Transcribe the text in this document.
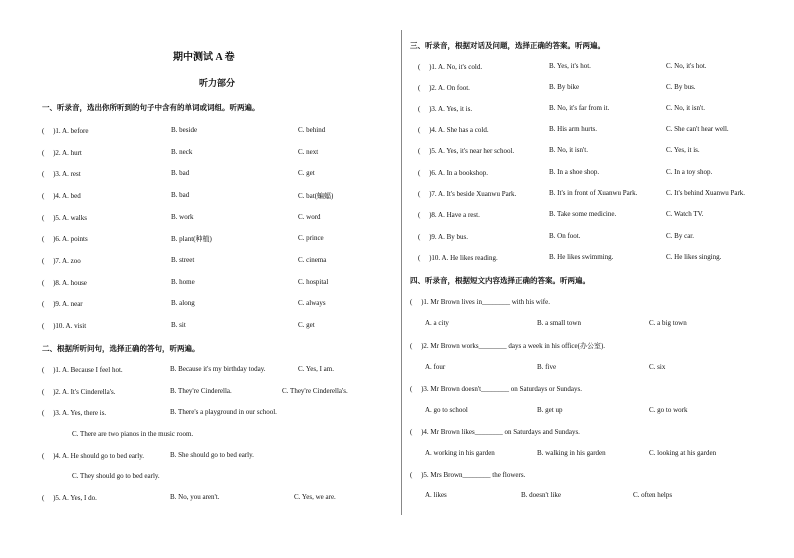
期中测试 A 卷
听力部分
一、听录音，选出你所听到的句子中含有的单词或词组。听两遍。
(　 )1. A. before	B. beside	C. behind
(　 )2. A. hurt	B. neck	C. next
(　 )3. A. rest	B. bad	C. get
(　 )4. A. bed	B. bad	C. bat(蝙蝠)
(　 )5. A. walks	B. work	C. word
(　 )6. A. points	B. plant(种植)	C. prince
(　 )7. A. zoo	B. street	C. cinema
(　 )8. A. house	B. home	C. hospital
(　 )9. A. near	B. along	C. always
(　 )10. A. visit	B. sit	C. get
二、根据所听问句，选择正确的答句，听两遍。
(　 )1. A. Because I feel hot.	B. Because it's my birthday today.	C. Yes, I am.
(　 )2. A. It's Cinderella's.	B. They're Cinderella.	C. They're Cinderella's.
(　 )3. A. Yes, there is.	B. There's a playground in our school.
C. There are two pianos in the music room.
(　 )4. A. He should go to bed early.	B. She should go to bed early.
C. They should go to bed early.
(　 )5. A. Yes, I do.	B. No, you aren't.	C. Yes, we are.
三、听录音，根据对话及问题，选择正确的答案。听两遍。
(　 )1. A. No, it's cold.	B. Yes, it's hot.	C. No, it's hot.
(　 )2. A. On foot.	B. By bike	C. By bus.
(　 )3. A. Yes, it is.	B. No, it's far from it.	C. No, it isn't.
(　 )4. A. She has a cold.	B. His arm hurts.	C. She can't hear well.
(　 )5. A. Yes, it's near her school.	B. No, it isn't.	C. Yes, it is.
(　 )6. A. In a bookshop.	B. In a shoe shop.	C. In a toy shop.
(　 )7. A. It's beside Xuanwu Park.	B. It's in front of Xuanwu Park.	C. It's behind Xuanwu Park.
(　 )8. A. Have a rest.	B. Take some medicine.	C. Watch TV.
(　 )9. A. By bus.	B. On foot.	C. By car.
(　 )10. A. He likes reading.	B. He likes swimming.	C. He likes singing.
四、听录音，根据短文内容选择正确的答案。听两遍。
(　 )1. Mr Brown lives in________ with his wife.
A. a city	B. a small town	C. a big town
(　 )2. Mr Brown works________ days a week in his office(办公室).
A. four	B. five	C. six
(　 )3. Mr Brown doesn't________ on Saturdays or Sundays.
A. go to school	B. get up	C. go to work
(　 )4. Mr Brown likes________ on Saturdays and Sundays.
A. working in his garden	B. walking in his garden	C. looking at his garden
(　 )5. Mrs Brown________ the flowers.
A. likes	B. doesn't like	C. often helps
